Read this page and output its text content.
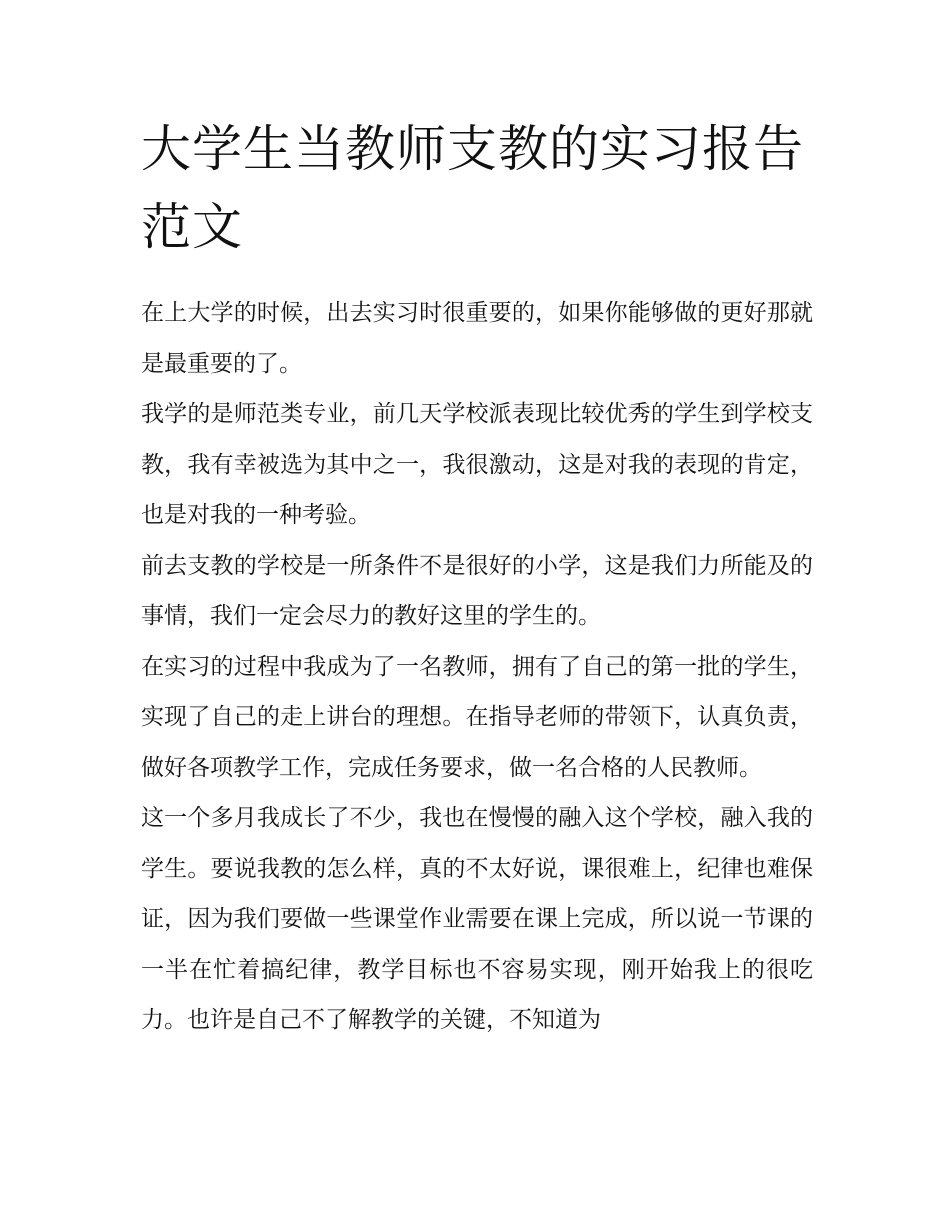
大学生当教师支教的实习报告范文

在上大学的时候，出去实习时很重要的，如果你能够做的更好那就是最重要的了。

我学的是师范类专业，前几天学校派表现比较优秀的学生到学校支教，我有幸被选为其中之一，我很激动，这是对我的表现的肯定，也是对我的一种考验。

前去支教的学校是一所条件不是很好的小学，这是我们力所能及的事情，我们一定会尽力的教好这里的学生的。

在实习的过程中我成为了一名教师，拥有了自己的第一批的学生，实现了自己的走上讲台的理想。在指导老师的带领下，认真负责，做好各项教学工作，完成任务要求，做一名合格的人民教师。

这一个多月我成长了不少，我也在慢慢的融入这个学校，融入我的学生。要说我教的怎么样，真的不太好说，课很难上，纪律也难保证，因为我们要做一些课堂作业需要在课上完成，所以说一节课的一半在忙着搞纪律，教学目标也不容易实现，刚开始我上的很吃力。也许是自己不了解教学的关键，不知道为
